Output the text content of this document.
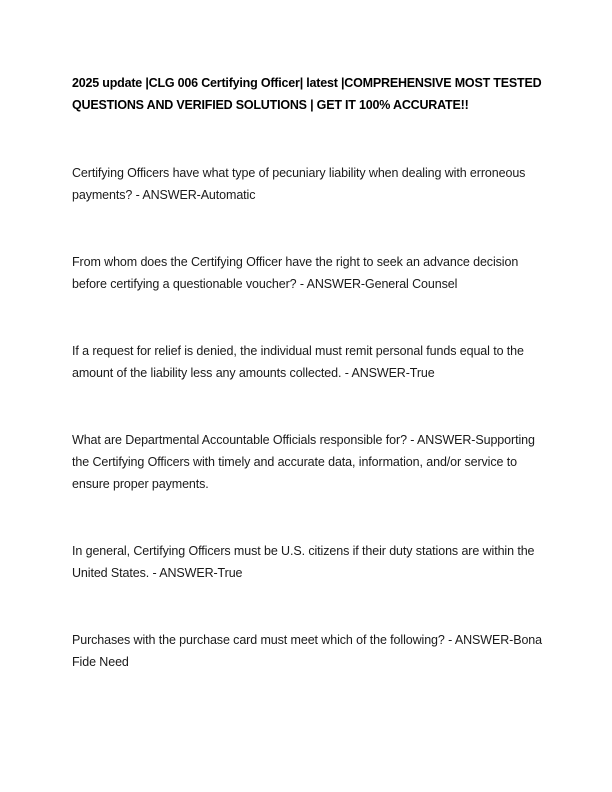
2025 update |CLG 006 Certifying Officer| latest |COMPREHENSIVE MOST TESTED QUESTIONS AND VERIFIED SOLUTIONS | GET IT 100% ACCURATE!!

Certifying Officers have what type of pecuniary liability when dealing with erroneous payments? - ANSWER-Automatic

From whom does the Certifying Officer have the right to seek an advance decision before certifying a questionable voucher? - ANSWER-General Counsel

If a request for relief is denied, the individual must remit personal funds equal to the amount of the liability less any amounts collected. - ANSWER-True

What are Departmental Accountable Officials responsible for? - ANSWER-Supporting the Certifying Officers with timely and accurate data, information, and/or service to ensure proper payments.

In general, Certifying Officers must be U.S. citizens if their duty stations are within the United States. - ANSWER-True

Purchases with the purchase card must meet which of the following? - ANSWER-Bona Fide Need
